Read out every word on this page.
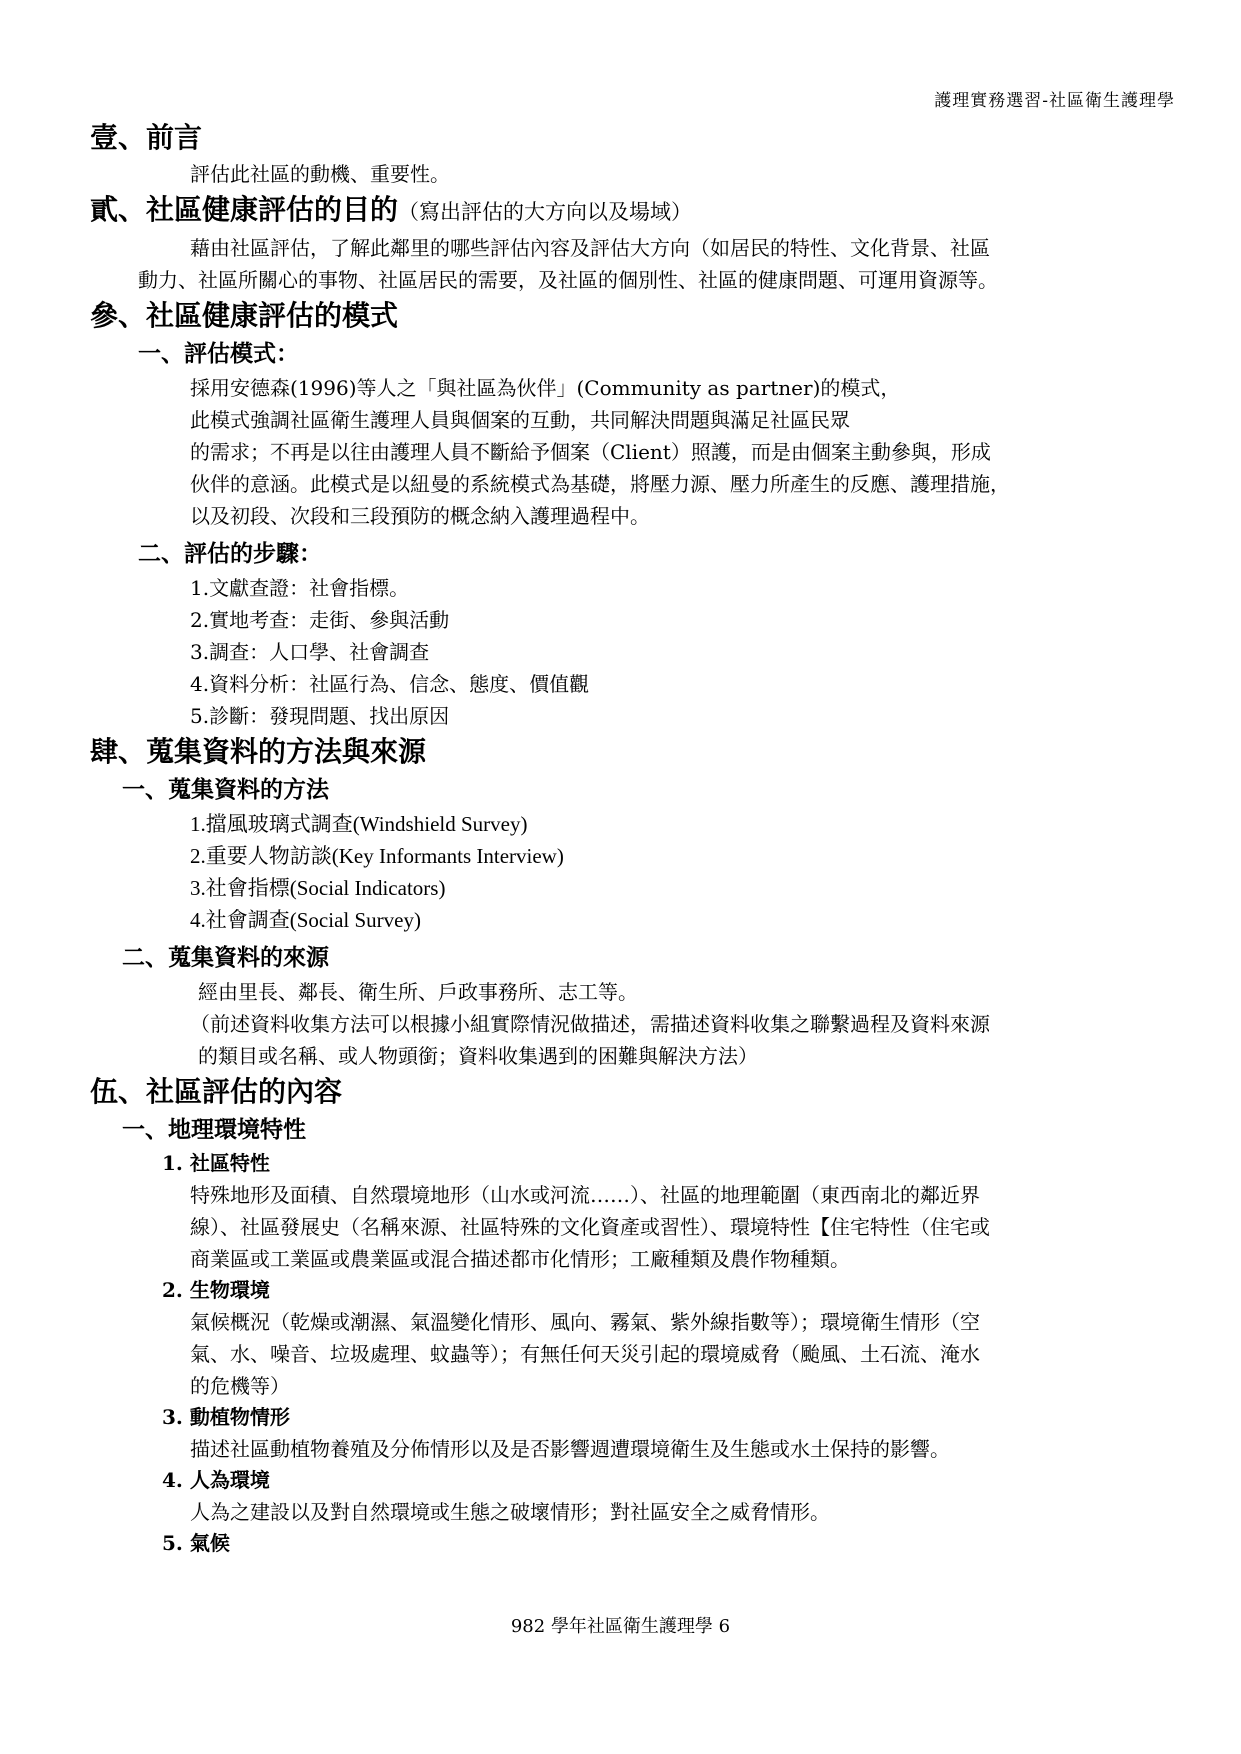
護理實務選習-社區衛生護理學
壹、前言
評估此社區的動機、重要性。
貳、社區健康評估的目的（寫出評估的大方向以及場域）
藉由社區評估，了解此鄰里的哪些評估內容及評估大方向（如居民的特性、文化背景、社區
動力、社區所關心的事物、社區居民的需要，及社區的個別性、社區的健康問題、可運用資源等。
參、社區健康評估的模式
一、評估模式：
採用安德森(1996)等人之「與社區為伙伴」(Community as partner)的模式，
此模式強調社區衛生護理人員與個案的互動，共同解決問題與滿足社區民眾
的需求；不再是以往由護理人員不斷給予個案（Client）照護，而是由個案主動參與，形成
伙伴的意涵。此模式是以紐曼的系統模式為基礎，將壓力源、壓力所產生的反應、護理措施，
以及初段、次段和三段預防的概念納入護理過程中。
二、評估的步驟：
1.文獻查證：社會指標。
2.實地考查：走街、參與活動
3.調查：人口學、社會調查
4.資料分析：社區行為、信念、態度、價值觀
5.診斷：發現問題、找出原因
肆、蒐集資料的方法與來源
一、蒐集資料的方法
1.擋風玻璃式調查(Windshield Survey)
2.重要人物訪談(Key Informants Interview)
3.社會指標(Social Indicators)
4.社會調查(Social Survey)
二、蒐集資料的來源
經由里長、鄰長、衛生所、戶政事務所、志工等。
（前述資料收集方法可以根據小組實際情況做描述，需描述資料收集之聯繫過程及資料來源
的類目或名稱、或人物頭銜；資料收集遇到的困難與解決方法）
伍、社區評估的內容
一、地理環境特性
1. 社區特性
特殊地形及面積、自然環境地形（山水或河流……）、社區的地理範圍（東西南北的鄰近界
線）、社區發展史（名稱來源、社區特殊的文化資產或習性）、環境特性【住宅特性（住宅或
商業區或工業區或農業區或混合描述都市化情形；工廠種類及農作物種類。
2. 生物環境
氣候概況（乾燥或潮濕、氣溫變化情形、風向、霧氣、紫外線指數等）；環境衛生情形（空
氣、水、噪音、垃圾處理、蚊蟲等）；有無任何天災引起的環境威脅（颱風、土石流、淹水
的危機等）
3. 動植物情形
描述社區動植物養殖及分佈情形以及是否影響週遭環境衛生及生態或水土保持的影響。
4. 人為環境
人為之建設以及對自然環境或生態之破壞情形；對社區安全之威脅情形。
5. 氣候
982 學年社區衛生護理學 6
